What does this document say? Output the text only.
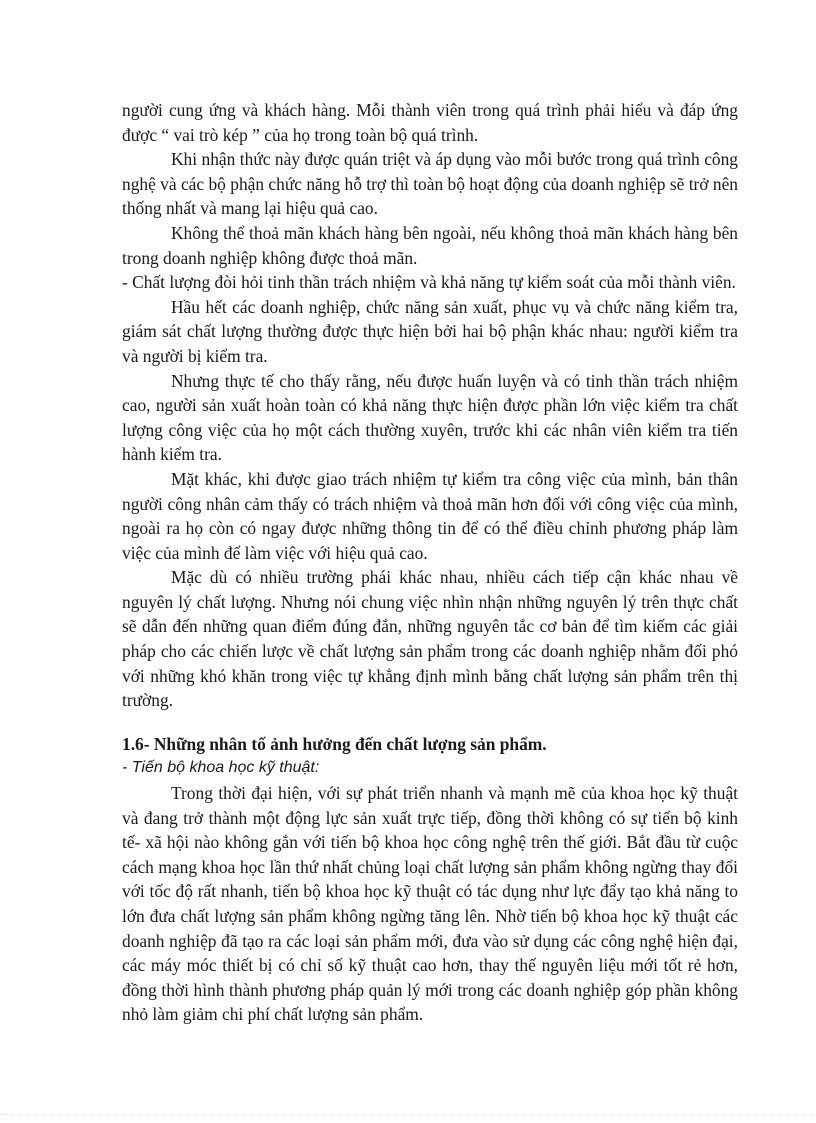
người cung ứng và khách hàng. Mỗi thành viên trong quá trình phải hiểu và đáp ứng được “ vai trò kép ” của họ trong toàn bộ quá trình.

Khi nhận thức này được quán triệt và áp dụng vào mỗi bước trong quá trình công nghệ và các bộ phận chức năng hỗ trợ thì toàn bộ hoạt động của doanh nghiệp sẽ trở nên thống nhất và mang lại hiệu quả cao.

Không thể thoả mãn khách hàng bên ngoài, nếu không thoả mãn khách hàng bên trong doanh nghiệp không được thoả mãn.

- Chất lượng đòi hỏi tinh thần trách nhiệm và khả năng tự kiểm soát của mỗi thành viên.

Hầu hết các doanh nghiệp, chức năng sản xuất, phục vụ và chức năng kiểm tra, giám sát chất lượng thường được thực hiện bởi hai bộ phận khác nhau: người kiểm tra và người bị kiểm tra.

Nhưng thực tế cho thấy rằng, nếu được huấn luyện và có tinh thần trách nhiệm cao, người sản xuất hoàn toàn có khả năng thực hiện được phần lớn việc kiểm tra chất lượng công việc của họ một cách thường xuyên, trước khi các nhân viên kiểm tra tiến hành kiểm tra.

Mặt khác, khi được giao trách nhiệm tự kiểm tra công việc của mình, bản thân người công nhân cảm thấy có trách nhiệm và thoả mãn hơn đối với công việc của mình, ngoài ra họ còn có ngay được những thông tin để có thể điều chỉnh phương pháp làm việc của mình để làm việc với hiệu quả cao.

Mặc dù có nhiều trường phái khác nhau, nhiều cách tiếp cận khác nhau về nguyên lý chất lượng. Nhưng nói chung việc nhìn nhận những nguyên lý trên thực chất sẽ dẫn đến những quan điểm đúng đắn, những nguyên tắc cơ bản để tìm kiếm các giải pháp cho các chiến lược về chất lượng sản phẩm trong các doanh nghiệp nhằm đối phó với những khó khăn trong việc tự khẳng định mình bằng chất lượng sản phẩm trên thị trường.

1.6- Những nhân tố ảnh hưởng đến chất lượng sản phẩm.

- Tiến bộ khoa học kỹ thuật:

Trong thời đại hiện, với sự phát triển nhanh và mạnh mẽ của khoa học kỹ thuật và đang trở thành một động lực sản xuất trực tiếp, đồng thời không có sự tiến bộ kinh tế- xã hội nào không gắn với tiến bộ khoa học công nghệ trên thế giới. Bắt đầu từ cuộc cách mạng khoa học lần thứ nhất chủng loại chất lượng sản phẩm không ngừng thay đổi với tốc độ rất nhanh, tiến bộ khoa học kỹ thuật có tác dụng như lực đẩy tạo khả năng to lớn đưa chất lượng sản phẩm không ngừng tăng lên. Nhờ tiến bộ khoa học kỹ thuật các doanh nghiệp đã tạo ra các loại sản phẩm mới, đưa vào sử dụng các công nghệ hiện đại, các máy móc thiết bị có chỉ số kỹ thuật cao hơn, thay thế nguyên liệu mới tốt rẻ hơn, đồng thời hình thành phương pháp quản lý mới trong các doanh nghiệp góp phần không nhỏ làm giảm chi phí chất lượng sản phẩm.
